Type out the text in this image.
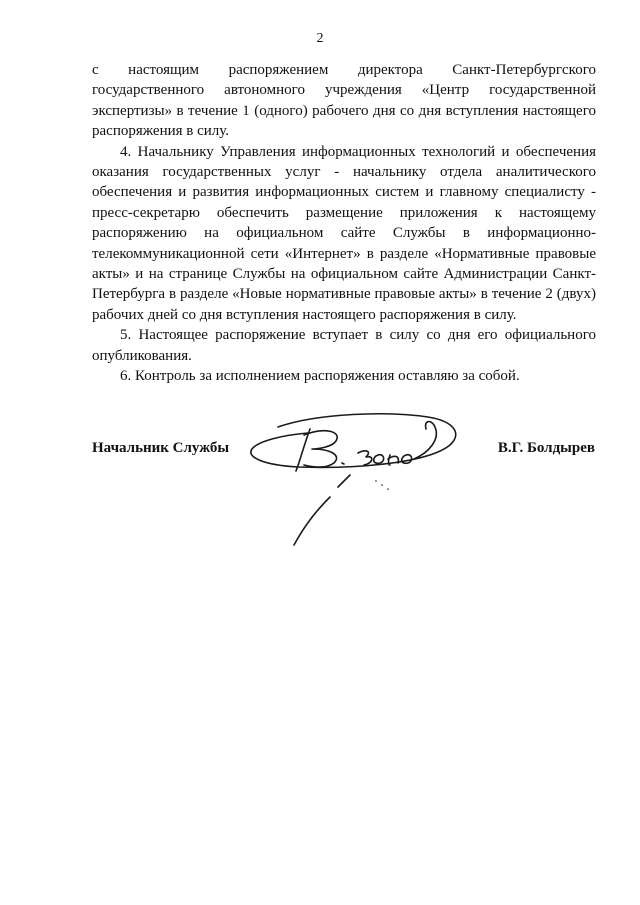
2

с настоящим распоряжением директора Санкт-Петербургского государственного автономного учреждения «Центр государственной экспертизы» в течение 1 (одного) рабочего дня со дня вступления настоящего распоряжения в силу.

4. Начальнику Управления информационных технологий и обеспечения оказания государственных услуг - начальнику отдела аналитического обеспечения и развития информационных систем и главному специалисту - пресс-секретарю обеспечить размещение приложения к настоящему распоряжению на официальном сайте Службы в информационно-телекоммуникационной сети «Интернет» в разделе «Нормативные правовые акты» и на странице Службы на официальном сайте Администрации Санкт-Петербурга в разделе «Новые нормативные правовые акты» в течение 2 (двух) рабочих дней со дня вступления настоящего распоряжения в силу.

5. Настоящее распоряжение вступает в силу со дня его официального опубликования.

6. Контроль за исполнением распоряжения оставляю за собой.

Начальник Службы	В.Г. Болдырев
